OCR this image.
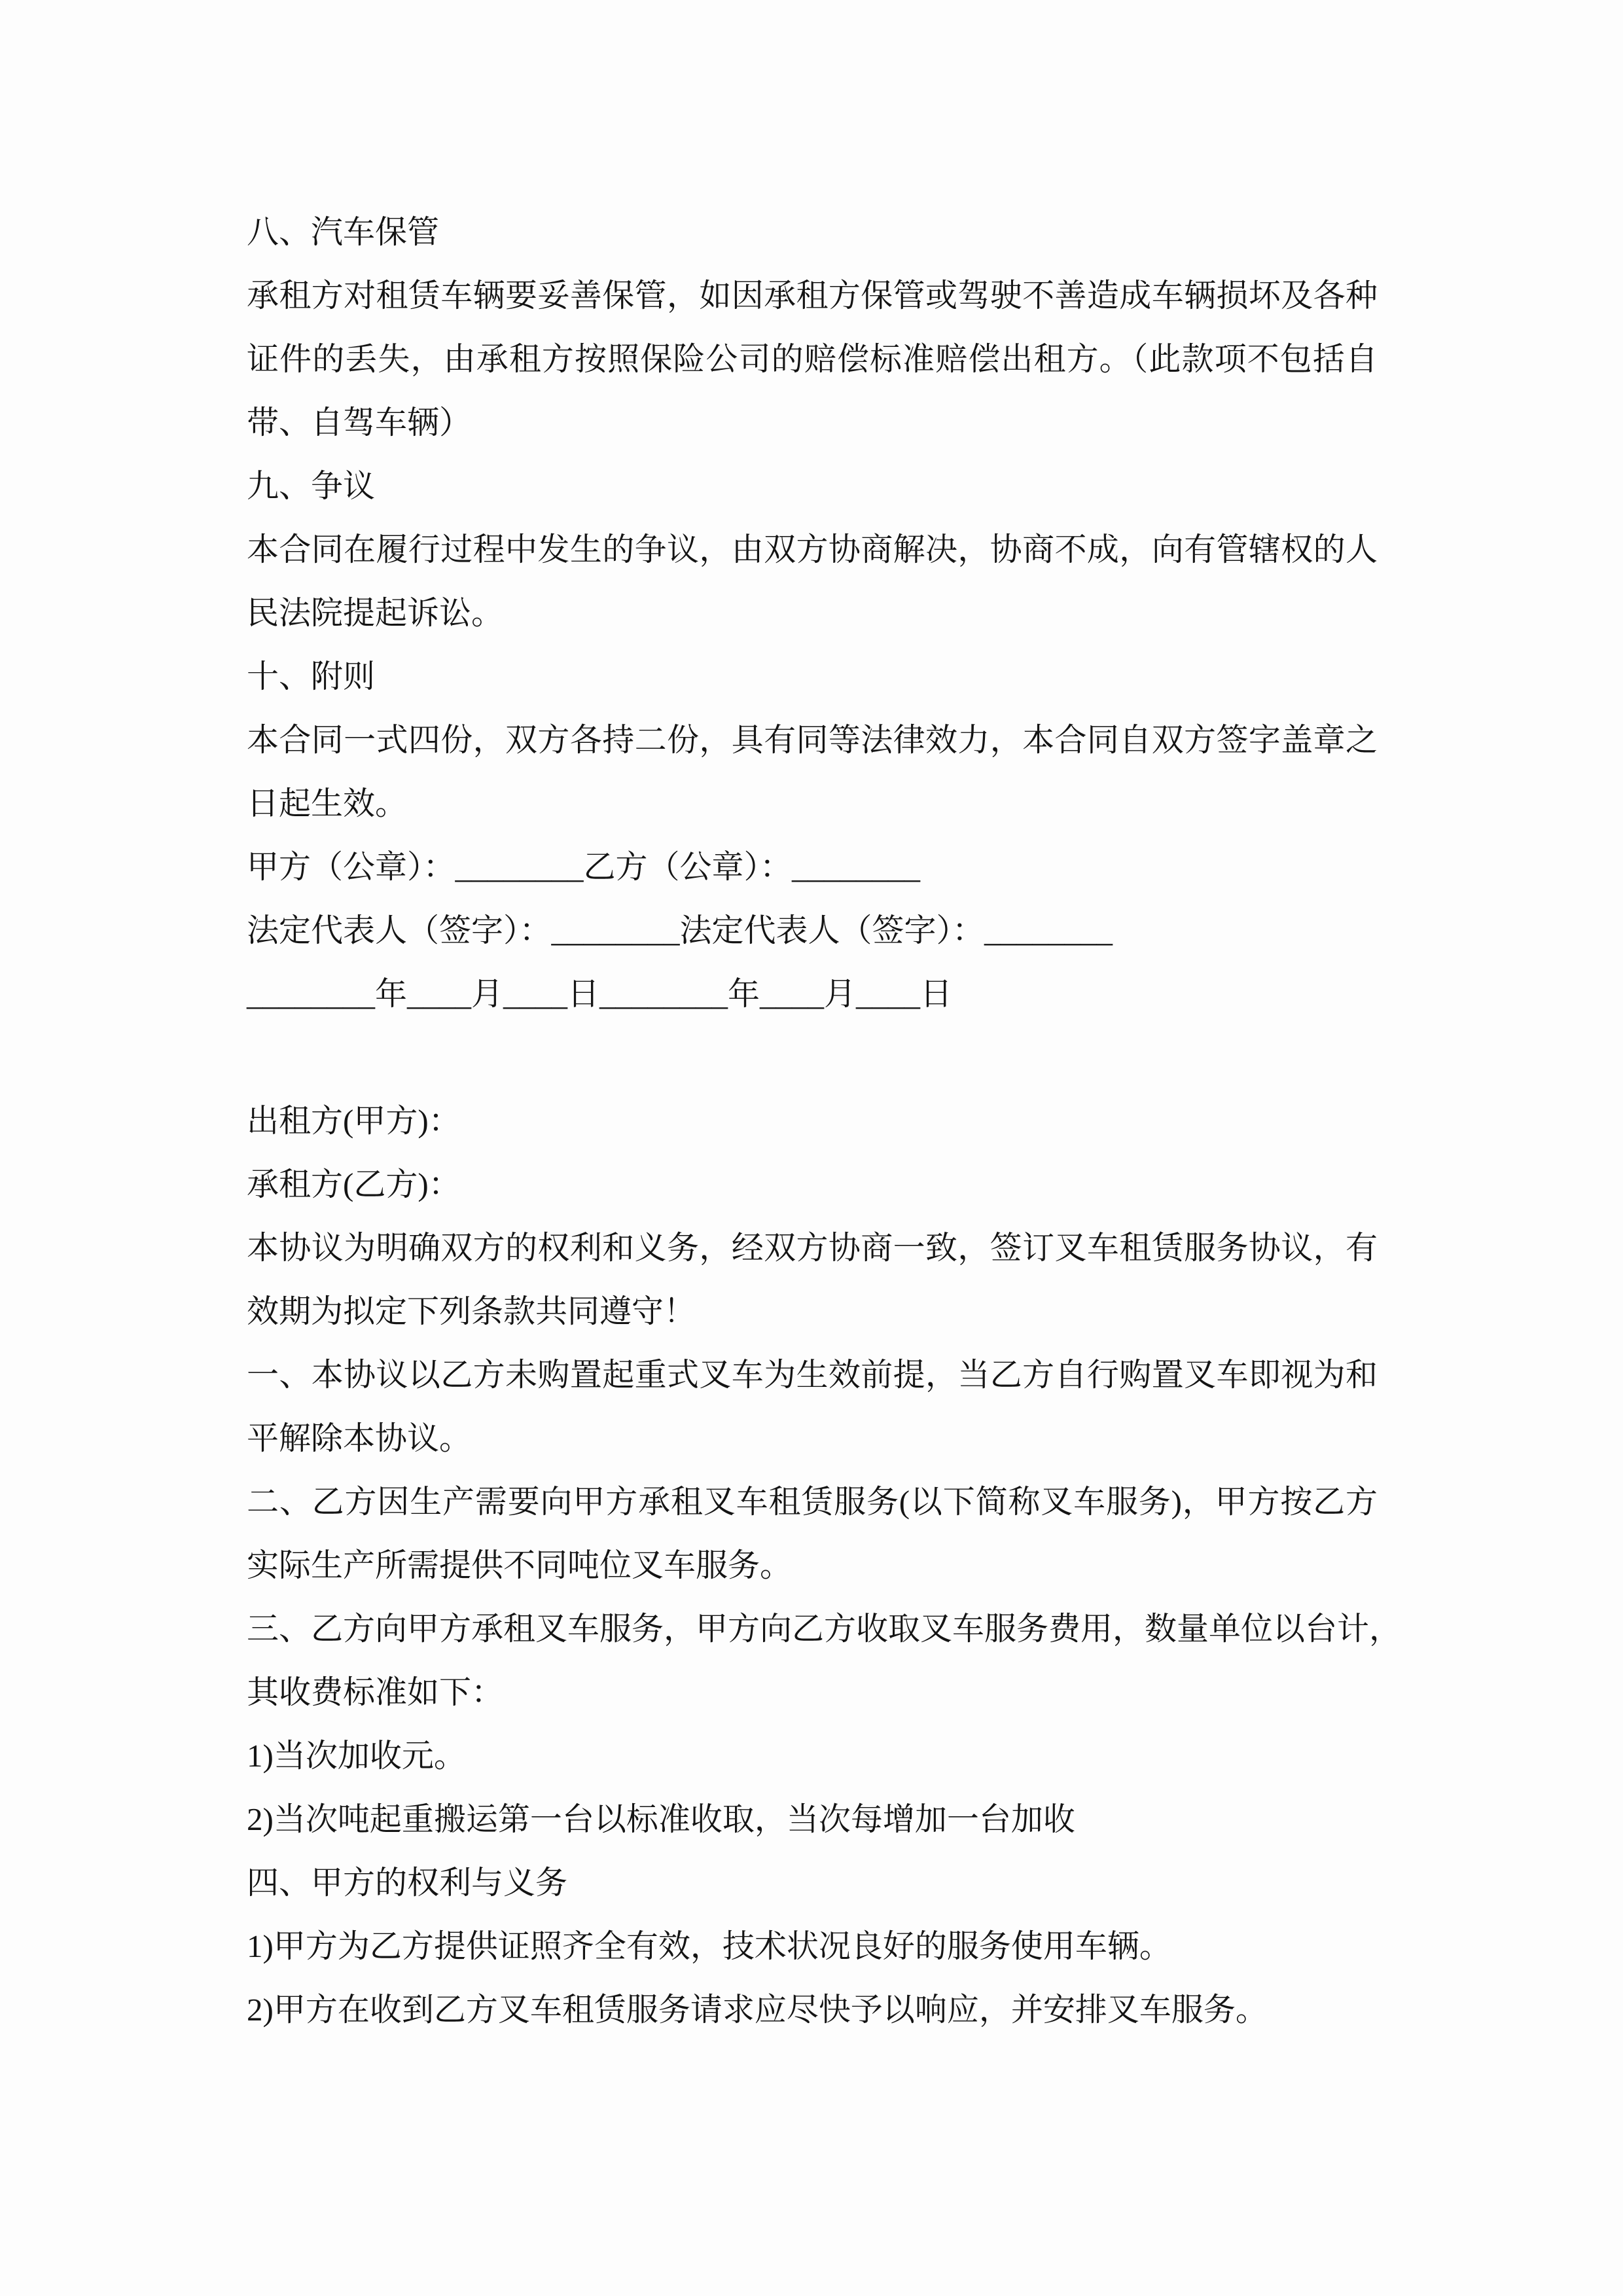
八、汽车保管
承租方对租赁车辆要妥善保管，如因承租方保管或驾驶不善造成车辆损坏及各种
证件的丢失，由承租方按照保险公司的赔偿标准赔偿出租方。（此款项不包括自
带、自驾车辆）
九、争议
本合同在履行过程中发生的争议，由双方协商解决，协商不成，向有管辖权的人
民法院提起诉讼。
十、附则
本合同一式四份，双方各持二份，具有同等法律效力，本合同自双方签字盖章之
日起生效。
甲方（公章）：________乙方（公章）：________
法定代表人（签字）：________法定代表人（签字）：________
________年____月____日________年____月____日
出租方(甲方)：
承租方(乙方)：
本协议为明确双方的权利和义务，经双方协商一致，签订叉车租赁服务协议，有
效期为拟定下列条款共同遵守！
一、本协议以乙方未购置起重式叉车为生效前提，当乙方自行购置叉车即视为和
平解除本协议。
二、乙方因生产需要向甲方承租叉车租赁服务(以下简称叉车服务)，甲方按乙方
实际生产所需提供不同吨位叉车服务。
三、乙方向甲方承租叉车服务，甲方向乙方收取叉车服务费用，数量单位以台计，
其收费标准如下：
1)当次加收元。
2)当次吨起重搬运第一台以标准收取，当次每增加一台加收
四、甲方的权利与义务
1)甲方为乙方提供证照齐全有效，技术状况良好的服务使用车辆。
2)甲方在收到乙方叉车租赁服务请求应尽快予以响应，并安排叉车服务。
